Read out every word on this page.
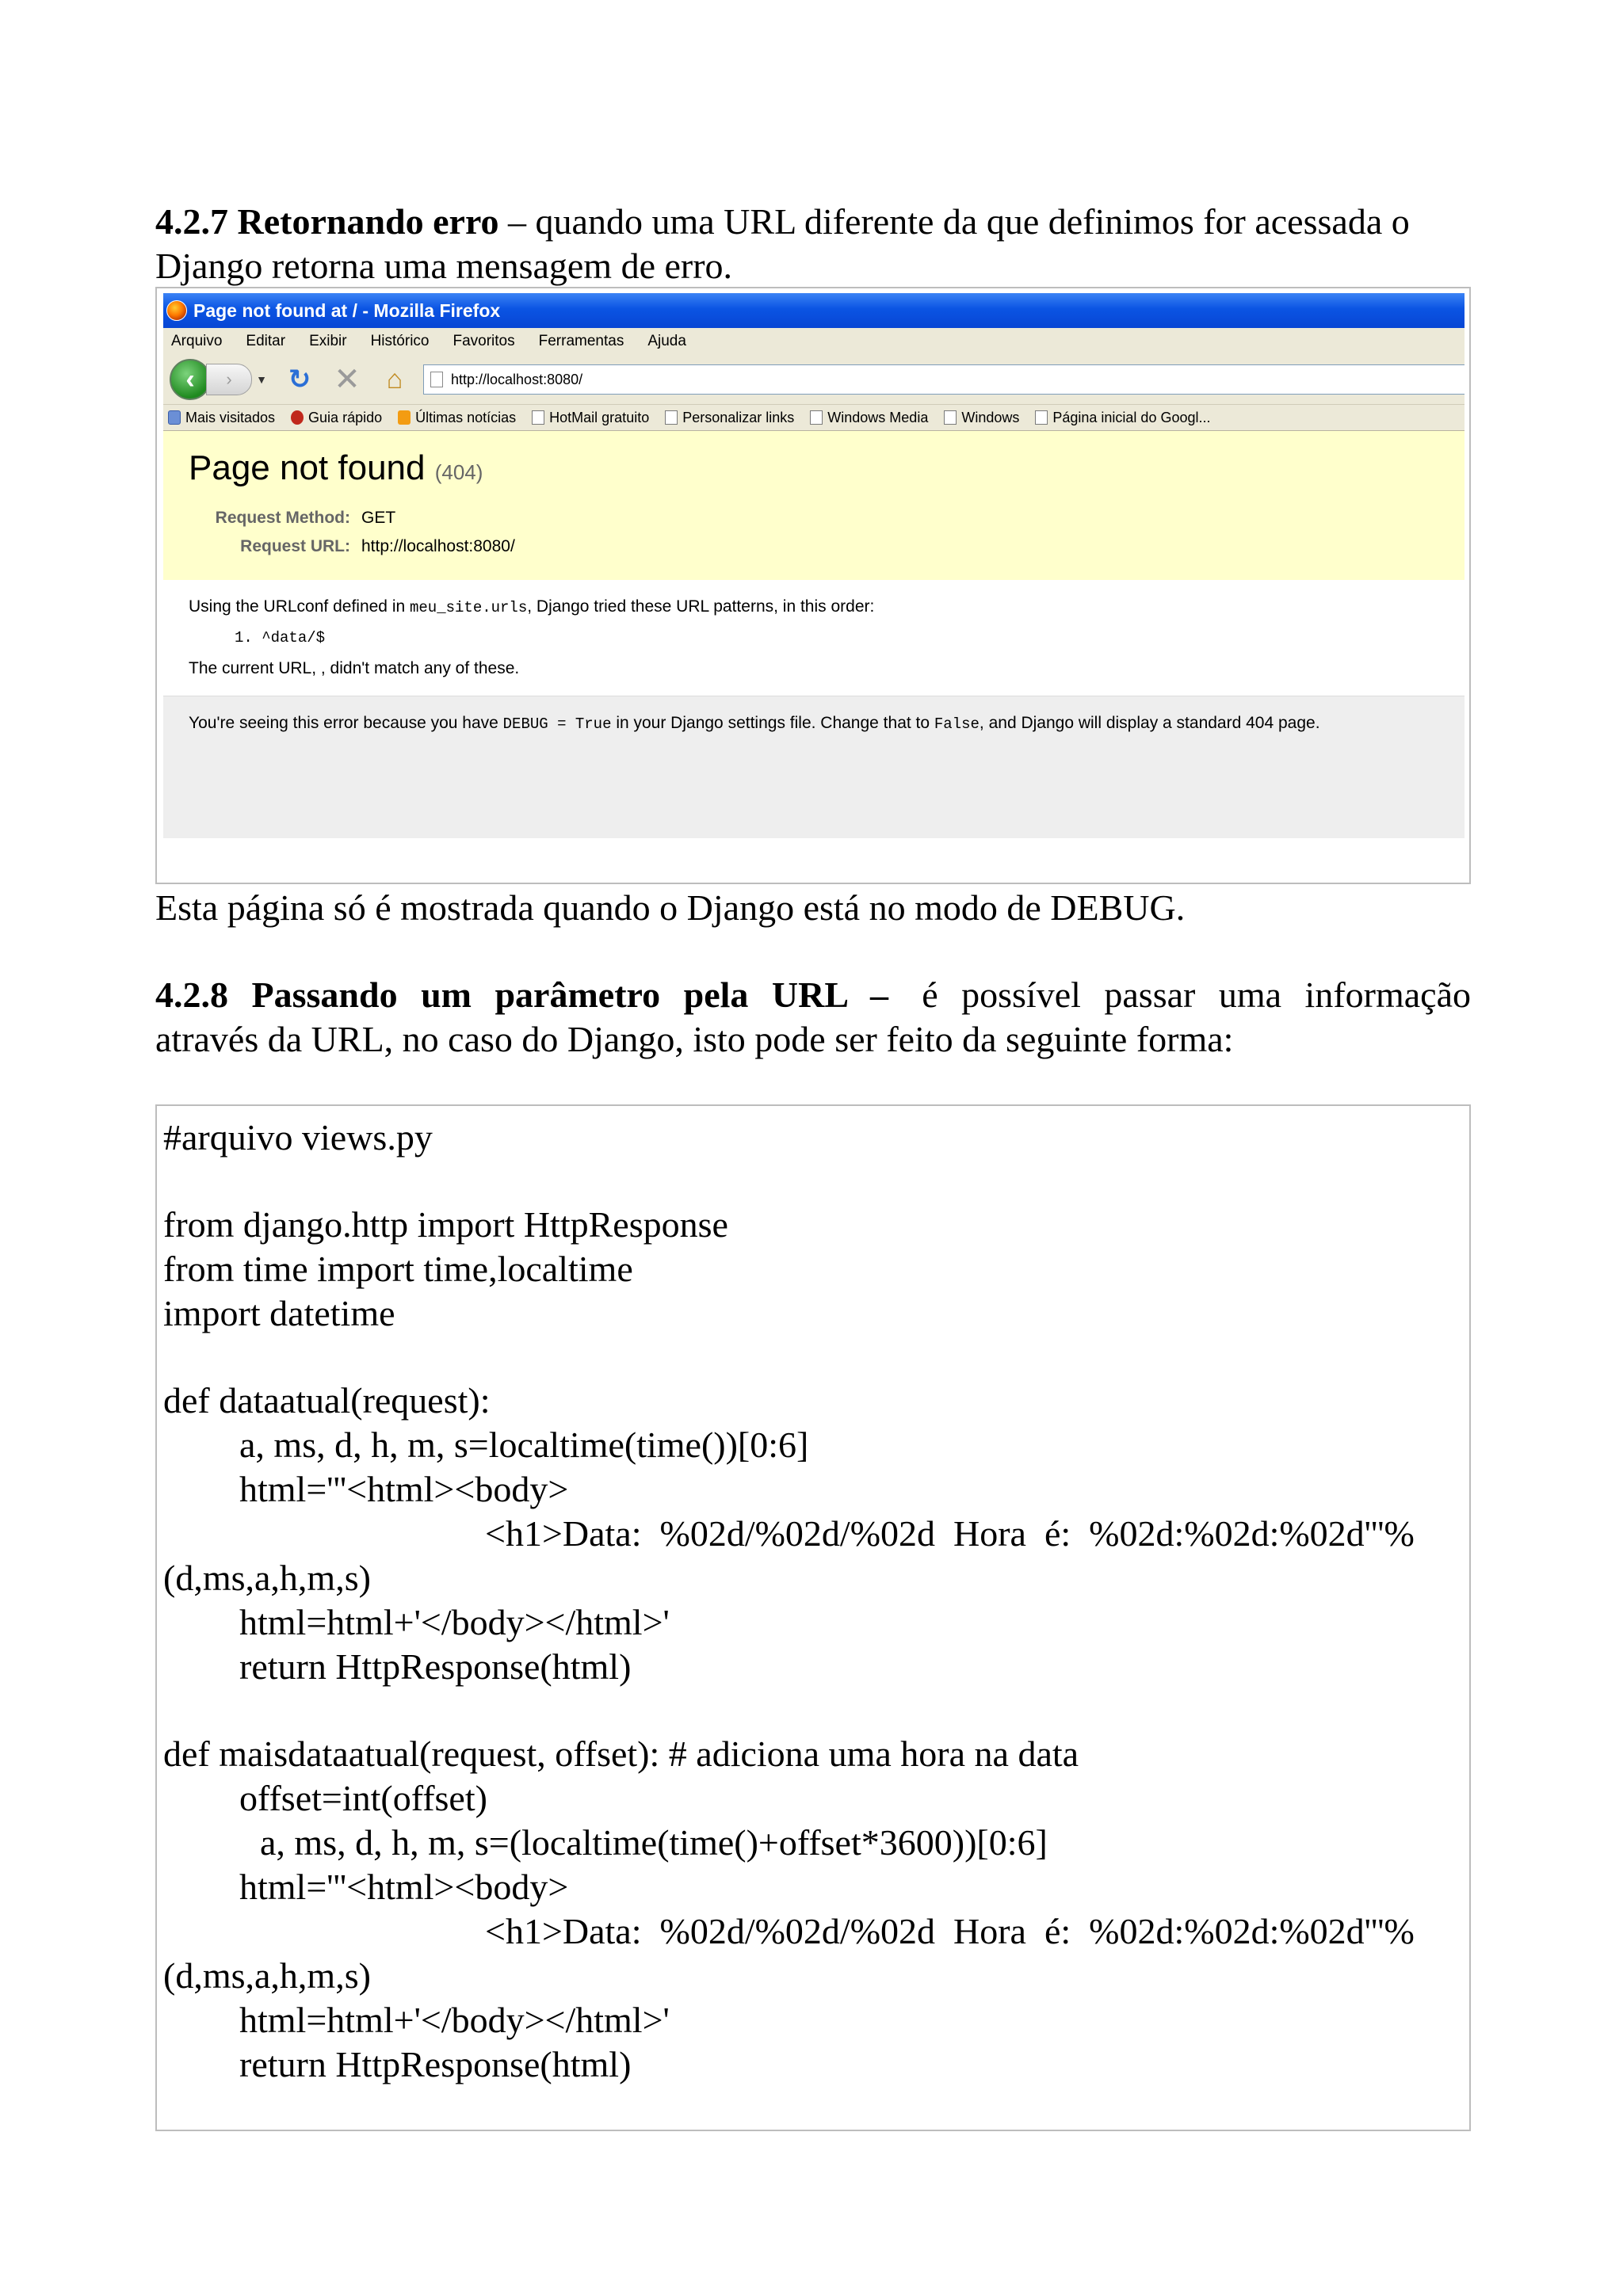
4.2.7 Retornando erro – quando uma URL diferente da que definimos for acessada o
Django retorna uma mensagem de erro.
Page not found at / - Mozilla Firefox
Arquivo Editar Exibir Histórico Favoritos Ferramentas Ajuda
‹ › ▼ ↻ ✕ ⌂	http://localhost:8080/
Mais visitados Guia rápido Últimas notícias HotMail gratuito Personalizar links Windows Media Windows Página inicial do Googl...
Page not found (404)
Request Method: GET
Request URL: http://localhost:8080/
Using the URLconf defined in meu_site.urls, Django tried these URL patterns, in this order:
1. ^data/$
The current URL, , didn't match any of these.
You're seeing this error because you have DEBUG = True in your Django settings file. Change that to False, and Django will display a standard 404 page.
Esta página só é mostrada quando o Django está no modo de DEBUG.
4.2.8 Passando um parâmetro pela URL – é possível passar uma informação
através da URL, no caso do Django, isto pode ser feito da seguinte forma:
#arquivo views.py
from django.http import HttpResponse
from time import time,localtime
import datetime
def dataatual(request):
a, ms, d, h, m, s=localtime(time())[0:6]
html='''<html><body>
<h1>Data:  %02d/%02d/%02d  Hora  é:  %02d:%02d:%02d'''%
(d,ms,a,h,m,s)
html=html+'</body></html>'
return HttpResponse(html)
def maisdataatual(request, offset): # adiciona uma hora na data
offset=int(offset)
a, ms, d, h, m, s=(localtime(time()+offset*3600))[0:6]
html='''<html><body>
<h1>Data:  %02d/%02d/%02d  Hora  é:  %02d:%02d:%02d'''%
(d,ms,a,h,m,s)
html=html+'</body></html>'
return HttpResponse(html)
